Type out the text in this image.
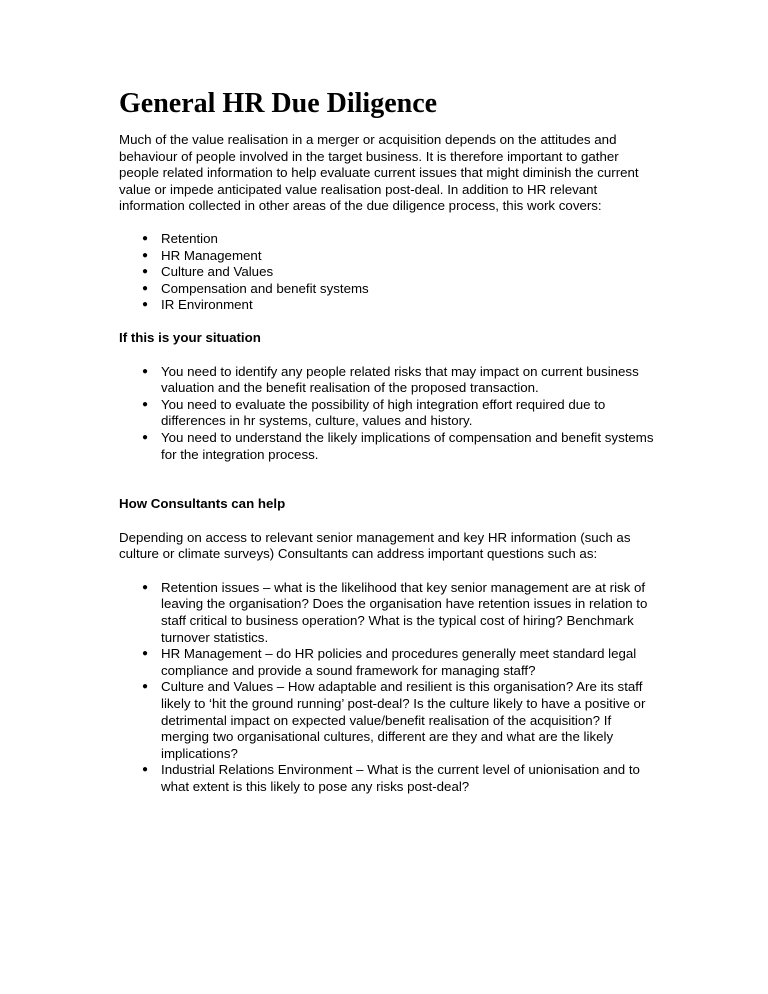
General HR Due Diligence

Much of the value realisation in a merger or acquisition depends on the attitudes and behaviour of people involved in the target business. It is therefore important to gather people related information to help evaluate current issues that might diminish the current value or impede anticipated value realisation post-deal. In addition to HR relevant information collected in other areas of the due diligence process, this work covers:

● Retention
● HR Management
● Culture and Values
● Compensation and benefit systems
● IR Environment
If this is your situation
● You need to identify any people related risks that may impact on current business valuation and the benefit realisation of the proposed transaction.
● You need to evaluate the possibility of high integration effort required due to differences in hr systems, culture, values and history.
● You need to understand the likely implications of compensation and benefit systems for the integration process.
How Consultants can help

Depending on access to relevant senior management and key HR information (such as culture or climate surveys) Consultants can address important questions such as:

● Retention issues – what is the likelihood that key senior management are at risk of leaving the organisation? Does the organisation have retention issues in relation to staff critical to business operation? What is the typical cost of hiring? Benchmark turnover statistics.
● HR Management – do HR policies and procedures generally meet standard legal compliance and provide a sound framework for managing staff?
● Culture and Values – How adaptable and resilient is this organisation? Are its staff likely to ‘hit the ground running’ post-deal? Is the culture likely to have a positive or detrimental impact on expected value/benefit realisation of the acquisition? If merging two organisational cultures, different are they and what are the likely implications?
● Industrial Relations Environment – What is the current level of unionisation and to what extent is this likely to pose any risks post-deal?
